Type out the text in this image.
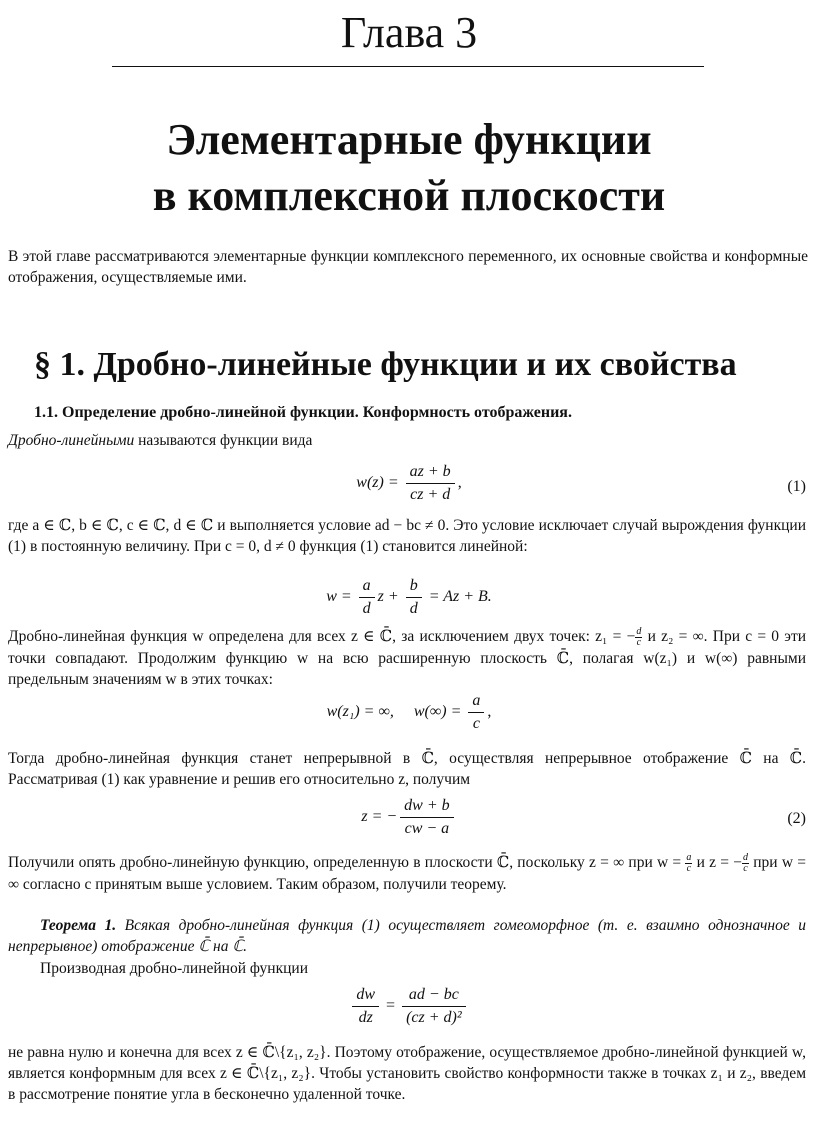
Глава 3
Элементарные функции
в комплексной плоскости
В этой главе рассматриваются элементарные функции комплексного переменного, их основные свойства и конформные отображения, осуществляемые ими.
§ 1. Дробно-линейные функции и их свойства
1.1. Определение дробно-линейной функции. Конформность отображения.
Дробно-линейными называются функции вида
$w(z) = \frac{az + b}{cz + d}$ ,	(1)
где a ∈ ℂ, b ∈ ℂ, c ∈ ℂ, d ∈ ℂ и выполняется условие ad − bc ≠ 0. Это условие исключает случай вырождения функции (1) в постоянную величину. При c = 0, d ≠ 0 функция (1) становится линейной:
$w = \frac{a}{d}$ $z + \frac{b}{d} = Az + B$.
Дробно-линейная функция w определена для всех z ∈ ℂ̄, за исключением двух точек: z₁ = − $\frac{d}{c}$ и z₂ = ∞. При c = 0 эти точки совпадают. Продолжим функцию w на всю расширенную плоскость ℂ̄, полагая w(z₁) и w(∞) равными предельным значениям w в этих точках:
w(z₁) = ∞,     $w(\infty) = \frac{a}{c}$ ,
Тогда дробно-линейная функция станет непрерывной в ℂ̄, осуществляя непрерывное отображение ℂ̄ на ℂ̄. Рассматривая (1) как уравнение и решив его относительно z, получим
z = − $\frac{dw + b}{cw - a}$	(2)
Получили опять дробно-линейную функцию, определенную в плоскости ℂ̄, поскольку z = ∞ при $w = \frac{a}{c}$ и z = − $\frac{d}{c}$ при w = ∞ согласно с принятым выше условием. Таким образом, получили теорему.
Теорема 1. Всякая дробно-линейная функция (1) осуществляет гомеоморфное (т. е. взаимно однозначное и непрерывное) отображение ℂ̄ на ℂ̄.
Производная дробно-линейной функции
$\frac{dw}{dz} = \frac{ad - bc}{\text{(cz + d)²}}$
не равна нулю и конечна для всех z ∈ ℂ̄\{z₁, z₂}. Поэтому отображение, осуществляемое дробно-линейной функцией w, является конформным для всех z ∈ ℂ̄\{z₁, z₂}. Чтобы установить свойство конформности также в точках z₁ и z₂, введем в рассмотрение понятие угла в бесконечно удаленной точке.
